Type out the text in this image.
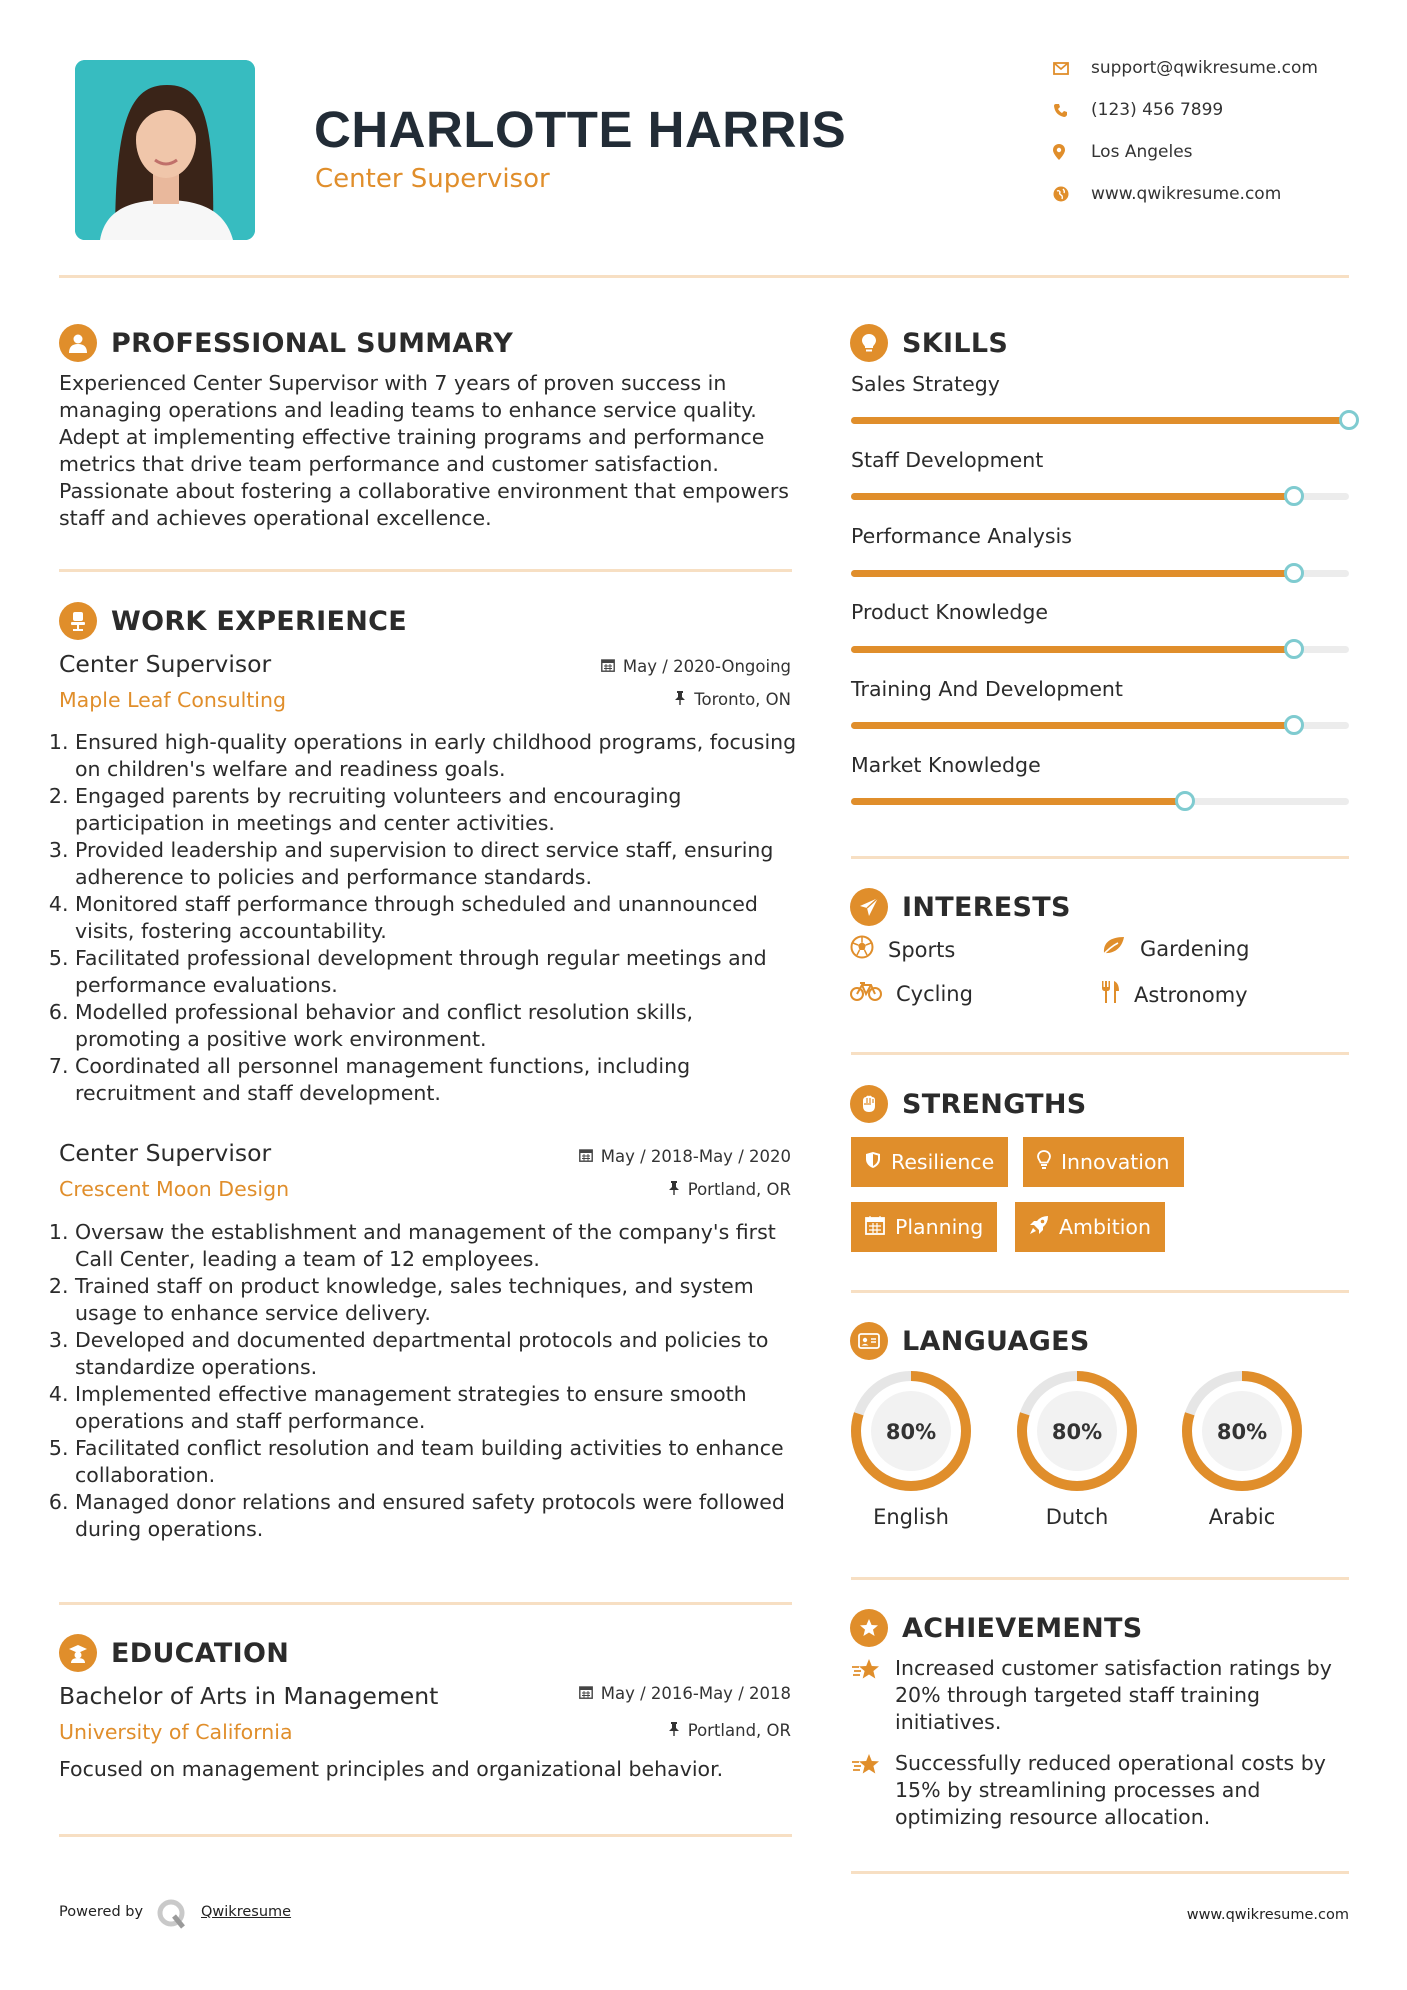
CHARLOTTE HARRIS
Center Supervisor
support@qwikresume.com
(123) 456 7899
Los Angeles
www.qwikresume.com
PROFESSIONAL SUMMARY
Experienced Center Supervisor with 7 years of proven success in managing operations and leading teams to enhance service quality. Adept at implementing effective training programs and performance metrics that drive team performance and customer satisfaction. Passionate about fostering a collaborative environment that empowers staff and achieves operational excellence.
WORK EXPERIENCE
Center Supervisor	May / 2020-Ongoing
Maple Leaf Consulting	Toronto, ON
1. Ensured high-quality operations in early childhood programs, focusing on children's welfare and readiness goals.
2. Engaged parents by recruiting volunteers and encouraging participation in meetings and center activities.
3. Provided leadership and supervision to direct service staff, ensuring adherence to policies and performance standards.
4. Monitored staff performance through scheduled and unannounced visits, fostering accountability.
5. Facilitated professional development through regular meetings and performance evaluations.
6. Modelled professional behavior and conflict resolution skills, promoting a positive work environment.
7. Coordinated all personnel management functions, including recruitment and staff development.
Center Supervisor	May / 2018-May / 2020
Crescent Moon Design	Portland, OR
1. Oversaw the establishment and management of the company's first Call Center, leading a team of 12 employees.
2. Trained staff on product knowledge, sales techniques, and system usage to enhance service delivery.
3. Developed and documented departmental protocols and policies to standardize operations.
4. Implemented effective management strategies to ensure smooth operations and staff performance.
5. Facilitated conflict resolution and team building activities to enhance collaboration.
6. Managed donor relations and ensured safety protocols were followed during operations.
EDUCATION
Bachelor of Arts in Management	May / 2016-May / 2018
University of California	Portland, OR
Focused on management principles and organizational behavior.
SKILLS
Sales Strategy
Staff Development
Performance Analysis
Product Knowledge
Training And Development
Market Knowledge
INTERESTS
Sports	Gardening
Cycling	Astronomy
STRENGTHS
Resilience	Innovation
Planning	Ambition
LANGUAGES
80%
English
80%
Dutch
80%
Arabic
ACHIEVEMENTS
Increased customer satisfaction ratings by 20% through targeted staff training initiatives.
Successfully reduced operational costs by 15% by streamlining processes and optimizing resource allocation.
Powered by	Qwikresume	www.qwikresume.com
